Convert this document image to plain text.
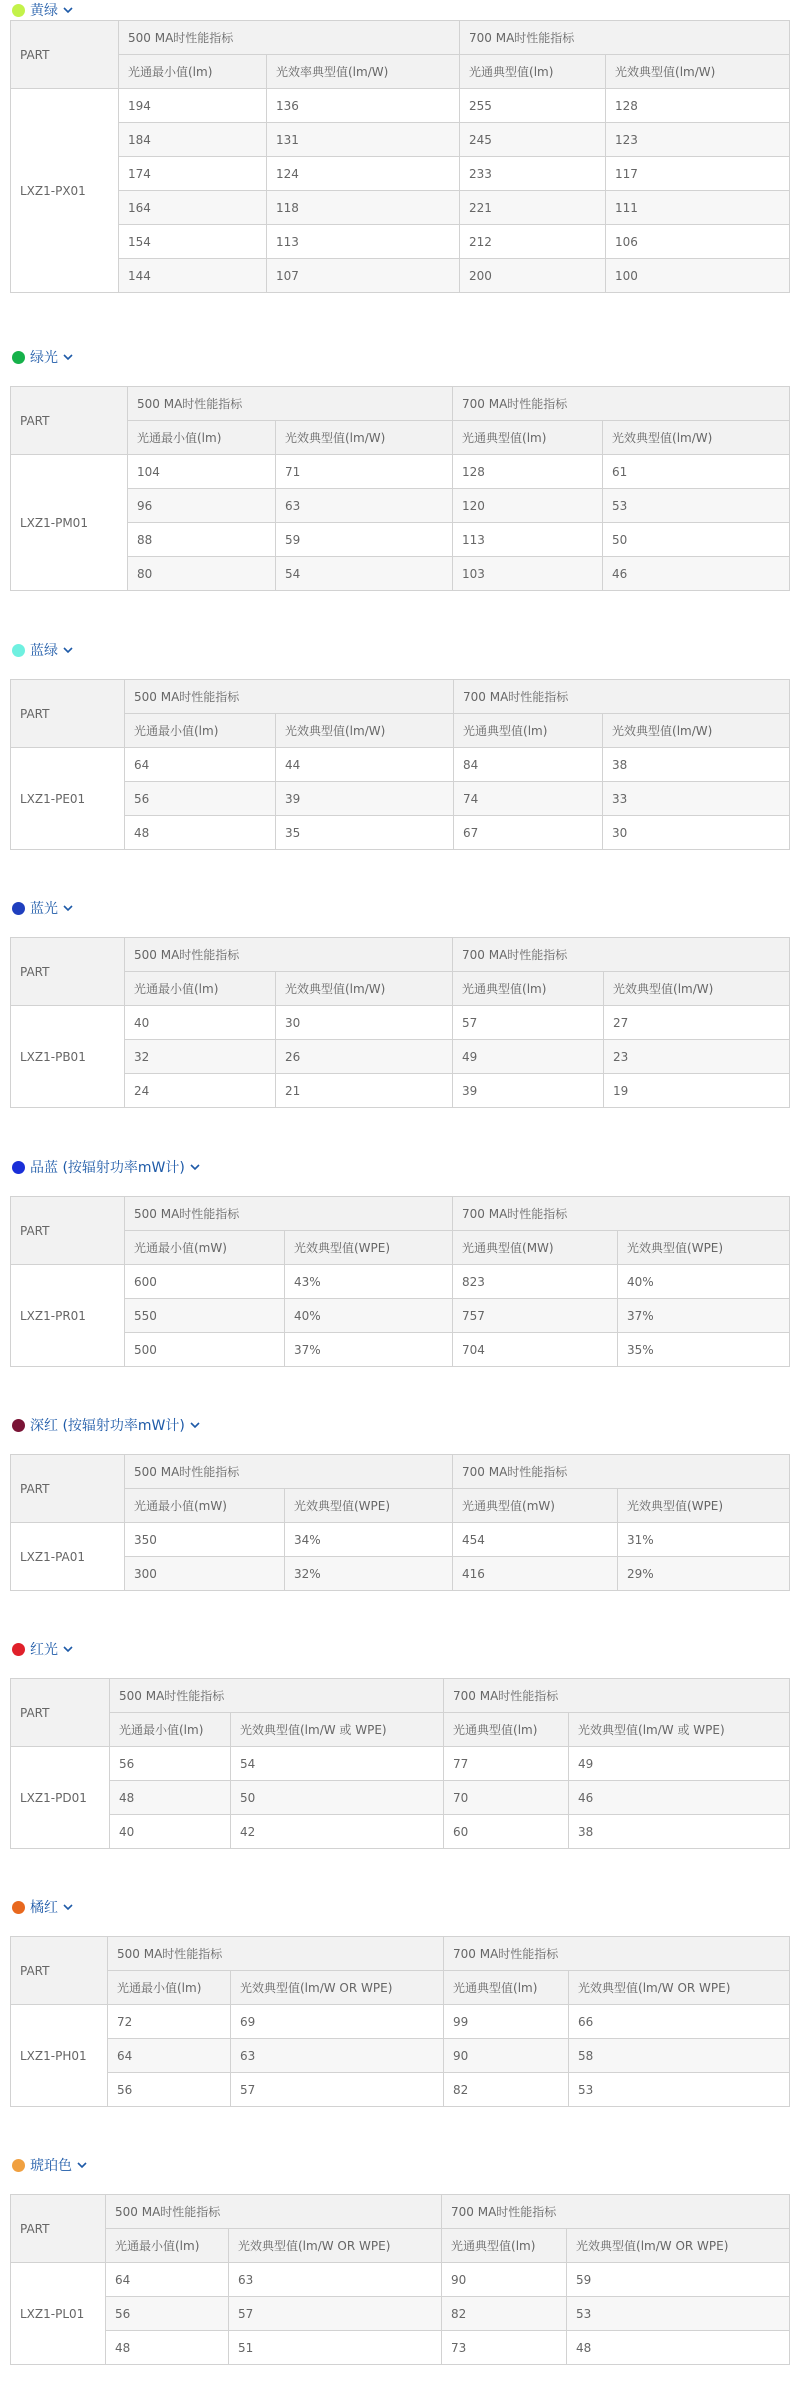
黄绿
PART	500 MA时性能指标		700 MA时性能指标	
	光通最小值(lm)	光效率典型值(lm/W)	光通典型值(lm)	光效典型值(lm/W)
LXZ1-PX01	194	136	255	128
	184	131	245	123
	174	124	233	117
	164	118	221	111
	154	113	212	106
	144	107	200	100
绿光
PART	500 MA时性能指标		700 MA时性能指标	
	光通最小值(lm)	光效典型值(lm/W)	光通典型值(lm)	光效典型值(lm/W)
LXZ1-PM01	104	71	128	61
	96	63	120	53
	88	59	113	50
	80	54	103	46
蓝绿
PART	500 MA时性能指标		700 MA时性能指标	
	光通最小值(lm)	光效典型值(lm/W)	光通典型值(lm)	光效典型值(lm/W)
LXZ1-PE01	64	44	84	38
	56	39	74	33
	48	35	67	30
蓝光
PART	500 MA时性能指标		700 MA时性能指标	
	光通最小值(lm)	光效典型值(lm/W)	光通典型值(lm)	光效典型值(lm/W)
LXZ1-PB01	40	30	57	27
	32	26	49	23
	24	21	39	19
品蓝 (按辐射功率mW计)
PART	500 MA时性能指标		700 MA时性能指标	
	光通最小值(mW)	光效典型值(WPE)	光通典型值(MW)	光效典型值(WPE)
LXZ1-PR01	600	43%	823	40%
	550	40%	757	37%
	500	37%	704	35%
深红 (按辐射功率mW计)
PART	500 MA时性能指标		700 MA时性能指标	
	光通最小值(mW)	光效典型值(WPE)	光通典型值(mW)	光效典型值(WPE)
LXZ1-PA01	350	34%	454	31%
	300	32%	416	29%
红光
PART	500 MA时性能指标		700 MA时性能指标	
	光通最小值(lm)	光效典型值(lm/W 或 WPE)	光通典型值(lm)	光效典型值(lm/W 或 WPE)
LXZ1-PD01	56	54	77	49
	48	50	70	46
	40	42	60	38
橘红
PART	500 MA时性能指标		700 MA时性能指标	
	光通最小值(lm)	光效典型值(lm/W OR WPE)	光通典型值(lm)	光效典型值(lm/W OR WPE)
LXZ1-PH01	72	69	99	66
	64	63	90	58
	56	57	82	53
琥珀色
PART	500 MA时性能指标		700 MA时性能指标	
	光通最小值(lm)	光效典型值(lm/W OR WPE)	光通典型值(lm)	光效典型值(lm/W OR WPE)
LXZ1-PL01	64	63	90	59
	56	57	82	53
	48	51	73	48
